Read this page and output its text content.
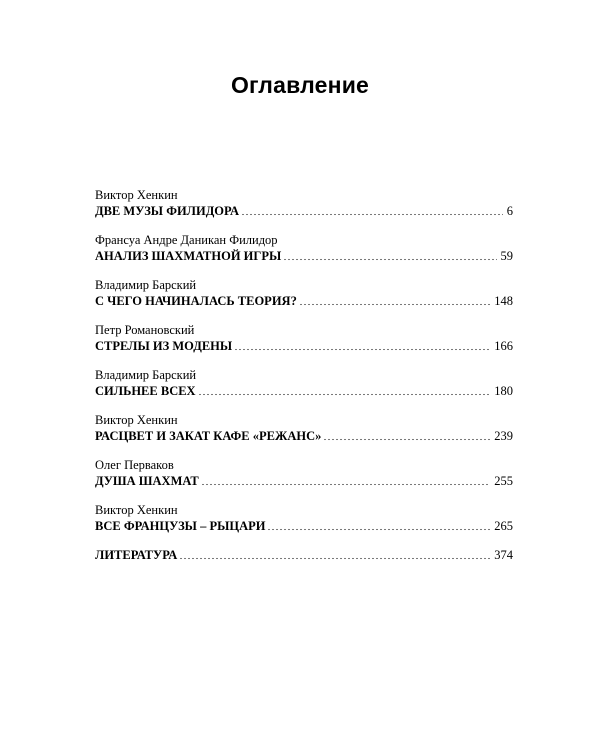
Оглавление
Виктор Хенкин
ДВЕ МУЗЫ ФИЛИДОРА	6
Франсуа Андре Даникан Филидор
АНАЛИЗ ШАХМАТНОЙ ИГРЫ	59
Владимир Барский
С ЧЕГО НАЧИНАЛАСЬ ТЕОРИЯ?	148
Петр Романовский
СТРЕЛЫ ИЗ МОДЕНЫ	166
Владимир Барский
СИЛЬНЕЕ ВСЕХ	180
Виктор Хенкин
РАСЦВЕТ И ЗАКАТ КАФЕ «РЕЖАНС»	239
Олег Перваков
ДУША ШАХМАТ	255
Виктор Хенкин
ВСЕ ФРАНЦУЗЫ – РЫЦАРИ	265
ЛИТЕРАТУРА	374
